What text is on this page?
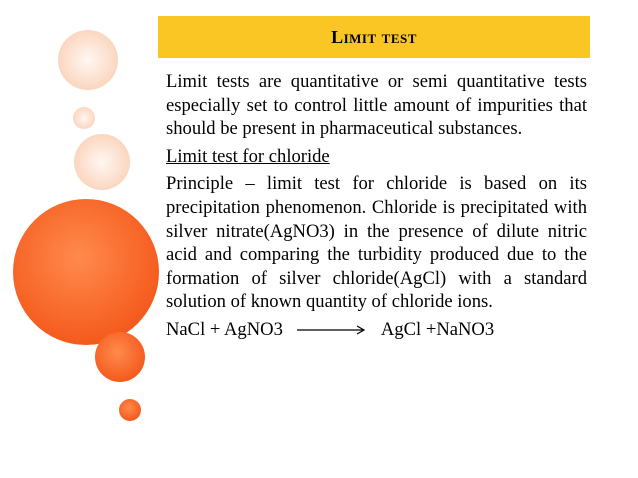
Limit test

Limit tests are quantitative or semi quantitative tests especially set to control little amount of impurities that should be present in pharmaceutical substances.

Limit test for chloride

Principle – limit test for chloride is based on its precipitation phenomenon. Chloride is precipitated with silver nitrate(AgNO3) in the presence of dilute nitric acid and comparing the turbidity produced due to the formation of silver chloride(AgCl) with a standard solution of known quantity of chloride ions.

NaCl + AgNO3	AgCl +NaNO3
